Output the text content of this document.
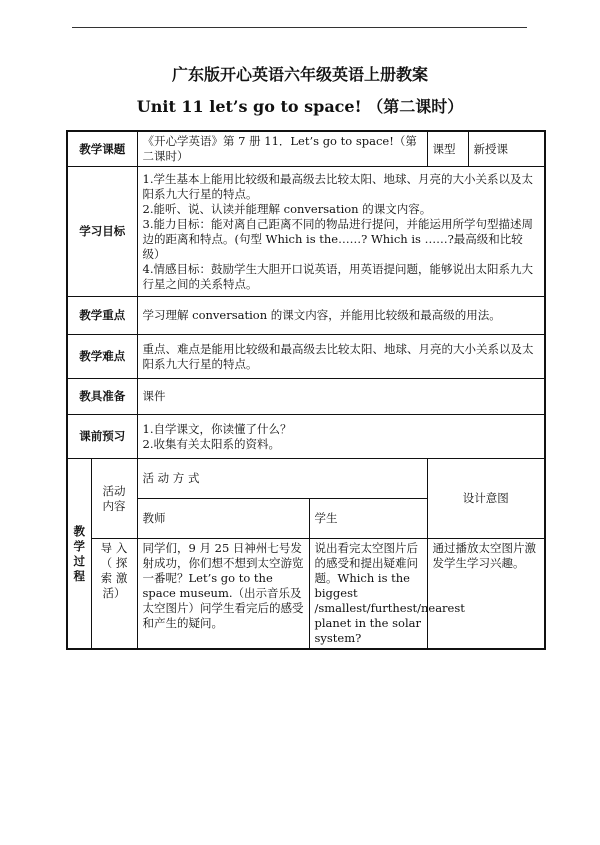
广东版开心英语六年级英语上册教案
Unit 11 let’s go to space! （第二课时）
教学课题		《开心学英语》第 7 册 11．Let’s go to space!（第二课时）		课型	新授课
学习目标		1.学生基本上能用比较级和最高级去比较太阳、地球、月亮的大小关系以及太阳系九大行星的特点。
2.能听、说、认读并能理解 conversation 的课文内容。
3.能力目标：能对离自己距离不同的物品进行提问，并能运用所学句型描述周边的距离和特点。(句型 Which is the……? Which is ……?最高级和比较级）
4.情感目标：鼓励学生大胆开口说英语，用英语提问题，能够说出太阳系九大行星之间的关系特点。			
教学重点		学习理解 conversation 的课文内容，并能用比较级和最高级的用法。			
教学难点		重点、难点是能用比较级和最高级去比较太阳、地球、月亮的大小关系以及太阳系九大行星的特点。			
教具准备		课件			
课前预习		1.自学课文，你读懂了什么？
2.收集有关太阳系的资料。			
教
学
过
程	活动
内容	活 动 方 式		设计意图	
		教师	学生		
	导 入
（ 探
索 激
活）	同学们，9 月 25 日神州七号发射成功，你们想不想到太空游览一番呢？Let’s go to the space museum.（出示音乐及太空图片）问学生看完后的感受和产生的疑问。	说出看完太空图片后的感受和提出疑难问题。Which is the biggest /smallest/furthest/nearest planet in the solar system?	通过播放太空图片激发学生学习兴趣。	
